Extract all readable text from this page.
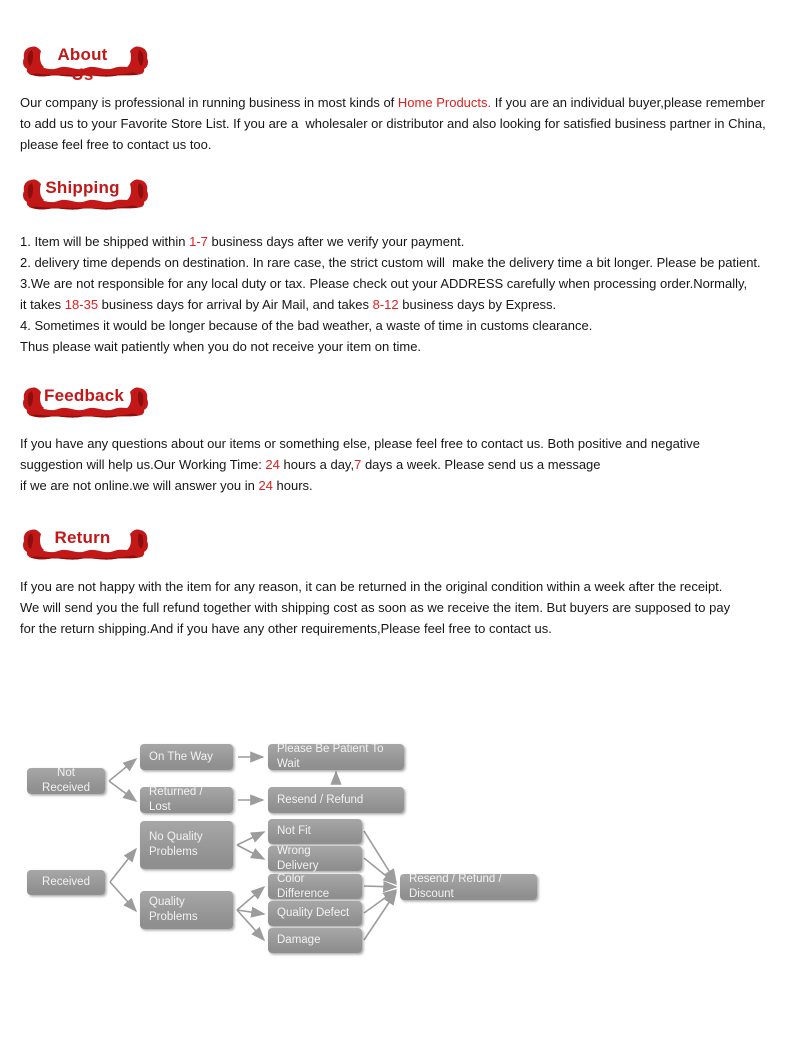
About Us
Our company is professional in running business in most kinds of Home Products. If you are an individual buyer,please remember
to add us to your Favorite Store List. If you are a  wholesaler or distributor and also looking for satisfied business partner in China,
please feel free to contact us too.
Shipping
1. Item will be shipped within 1-7 business days after we verify your payment.
2. delivery time depends on destination. In rare case, the strict custom will  make the delivery time a bit longer. Please be patient.
3.We are not responsible for any local duty or tax. Please check out your ADDRESS carefully when processing order.Normally,
it takes 18-35 business days for arrival by Air Mail, and takes 8-12 business days by Express.
4. Sometimes it would be longer because of the bad weather, a waste of time in customs clearance.
Thus please wait patiently when you do not receive your item on time.
Feedback
If you have any questions about our items or something else, please feel free to contact us. Both positive and negative
suggestion will help us.Our Working Time: 24 hours a day,7 days a week. Please send us a message
if we are not online.we will answer you in 24 hours.
Return
If you are not happy with the item for any reason, it can be returned in the original condition within a week after the receipt.
We will send you the full refund together with shipping cost as soon as we receive the item. But buyers are supposed to pay
for the return shipping.And if you have any other requirements,Please feel free to contact us.
Not Received
On The Way
Returned / Lost
Please Be Patient To Wait
Resend / Refund
No Quality Problems
Received
Not Fit
Wrong Delivery
Color Difference
Quality Problems	Quality Defect
Damage
Resend / Refund / Discount
